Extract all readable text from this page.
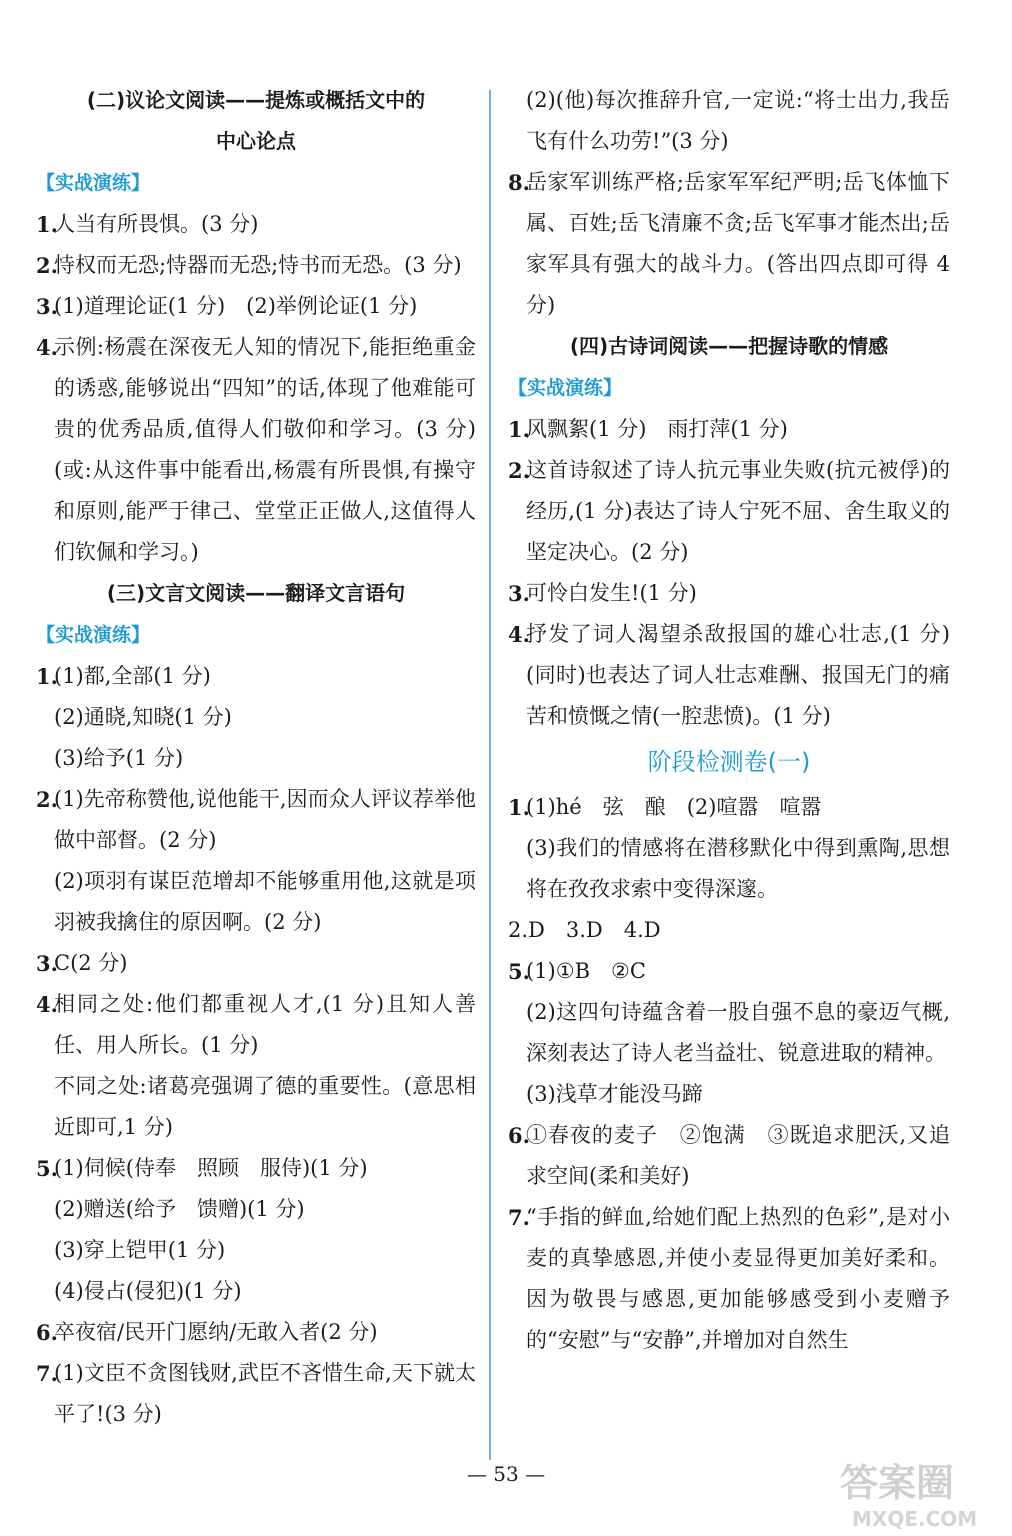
(二)议论文阅读——提炼或概括文中的
中心论点
【实战演练】
1.
人当有所畏惧。(3 分)
2.
恃权而无恐;恃器而无恐;恃书而无恐。(3 分)
3.
(1)道理论证(1 分)　(2)举例论证(1 分)
4.
示例:杨震在深夜无人知的情况下,能拒绝重金的诱惑,能够说出“四知”的话,体现了他难能可贵的优秀品质,值得人们敬仰和学习。(3 分)(或:从这件事中能看出,杨震有所畏惧,有操守和原则,能严于律己、堂堂正正做人,这值得人们钦佩和学习。)
(三)文言文阅读——翻译文言语句
【实战演练】
1.
(1)都,全部(1 分)
(2)通晓,知晓(1 分)
(3)给予(1 分)
2.
(1)先帝称赞他,说他能干,因而众人评议荐举他做中部督。(2 分)
(2)项羽有谋臣范增却不能够重用他,这就是项羽被我擒住的原因啊。(2 分)
3.
C(2 分)
4.
相同之处:他们都重视人才,(1 分)且知人善任、用人所长。(1 分)
不同之处:诸葛亮强调了德的重要性。(意思相近即可,1 分)
5.
(1)伺候(侍奉　照顾　服侍)(1 分)
(2)赠送(给予　馈赠)(1 分)
(3)穿上铠甲(1 分)
(4)侵占(侵犯)(1 分)
6.
卒夜宿/民开门愿纳/无敢入者(2 分)
7.
(1)文臣不贪图钱财,武臣不吝惜生命,天下就太平了!(3 分)
(2)(他)每次推辞升官,一定说:“将士出力,我岳飞有什么功劳!”(3 分)
8.
岳家军训练严格;岳家军军纪严明;岳飞体恤下属、百姓;岳飞清廉不贪;岳飞军事才能杰出;岳家军具有强大的战斗力。(答出四点即可得 4 分)
(四)古诗词阅读——把握诗歌的情感
【实战演练】
1.
风飘絮(1 分)　雨打萍(1 分)
2.
这首诗叙述了诗人抗元事业失败(抗元被俘)的经历,(1 分)表达了诗人宁死不屈、舍生取义的坚定决心。(2 分)
3.
可怜白发生!(1 分)
4.
抒发了词人渴望杀敌报国的雄心壮志,(1 分)(同时)也表达了词人壮志难酬、报国无门的痛苦和愤慨之情(一腔悲愤)。(1 分)
阶段检测卷(一)
1.
(1)hé　弦　酿　(2)喧嚣　喧嚣
(3)我们的情感将在潜移默化中得到熏陶,思想将在孜孜求索中变得深邃。
2.D　3.D　4.D
5.
(1)①B　②C
(2)这四句诗蕴含着一股自强不息的豪迈气概,深刻表达了诗人老当益壮、锐意进取的精神。
(3)浅草才能没马蹄
6.
①春夜的麦子　②饱满　③既追求肥沃,又追求空间(柔和美好)
7.
“手指的鲜血,给她们配上热烈的色彩”,是对小麦的真挚感恩,并使小麦显得更加美好柔和。因为敬畏与感恩,更加能够感受到小麦赠予的“安慰”与“安静”,并增加对自然生
— 53 —	答案圈
MXQE.COM
